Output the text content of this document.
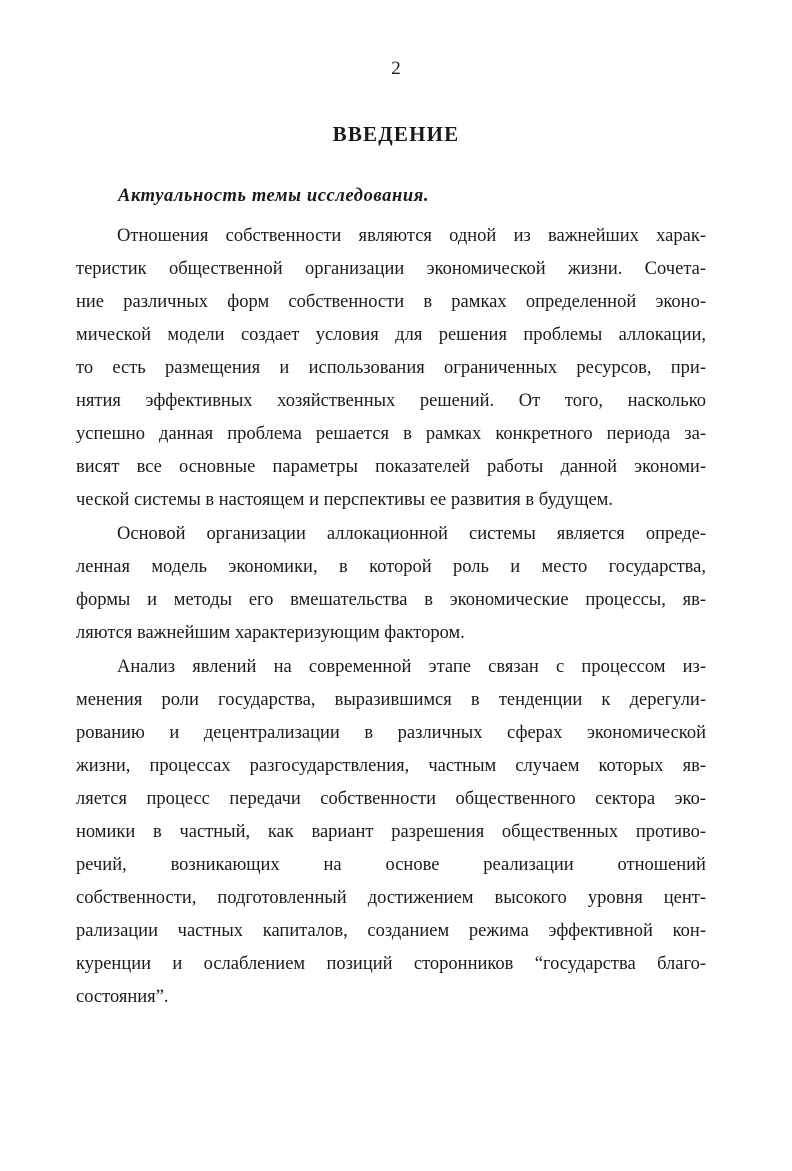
2
ВВЕДЕНИЕ
Актуальность темы исследования.

Отношения собственности являются одной из важнейших харак-
теристик общественной организации экономической жизни. Сочета-
ние различных форм собственности в рамках определенной эконо-
мической модели создает условия для решения проблемы аллокации,
то есть размещения и использования ограниченных ресурсов, при-
нятия эффективных хозяйственных решений. От того, насколько
успешно данная проблема решается в рамках конкретного периода за-
висят все основные параметры показателей работы данной экономи-
ческой системы в настоящем и перспективы ее развития в будущем.

Основой организации аллокационной системы является опреде-
ленная модель экономики, в которой роль и место государства,
формы и методы его вмешательства в экономические процессы, яв-
ляются важнейшим характеризующим фактором.

Анализ явлений на современной этапе связан с процессом из-
менения роли государства, выразившимся в тенденции к дерегули-
рованию и децентрализации в различных сферах экономической
жизни, процессах разгосударствления, частным случаем которых яв-
ляется процесс передачи собственности общественного сектора эко-
номики в частный, как вариант разрешения общественных противо-
речий, возникающих на основе реализации отношений
собственности, подготовленный достижением высокого уровня цент-
рализации частных капиталов, созданием режима эффективной кон-
куренции и ослаблением позиций сторонников “государства благо-
состояния”.
